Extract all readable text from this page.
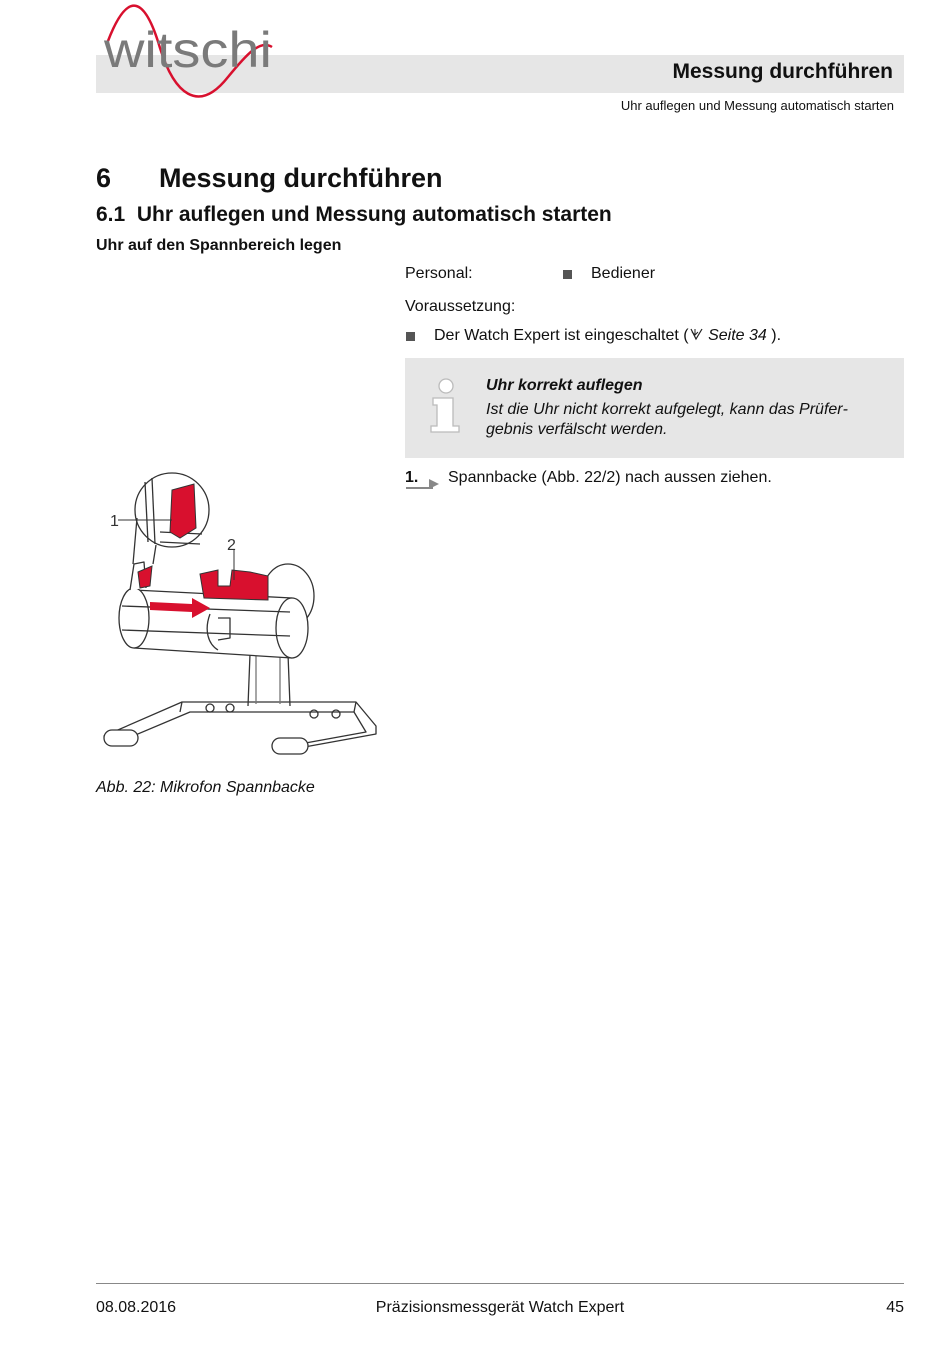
witschi	Messung durchführen
Uhr auflegen und Messung automatisch starten
6 Messung durchführen
6.1  Uhr auflegen und Messung automatisch starten
Uhr auf den Spannbereich legen
Personal:	Bediener
Voraussetzung:
Der Watch Expert ist eingeschaltet ( Seite 34 ).
Uhr korrekt auflegen
Ist die Uhr nicht korrekt aufgelegt, kann das Prüfergebnis verfälscht werden.
1. Spannbacke (Abb. 22/2) nach aussen ziehen.
1
2
Abb. 22: Mikrofon Spannbacke
08.08.2016	Präzisionsmessgerät Watch Expert	45
